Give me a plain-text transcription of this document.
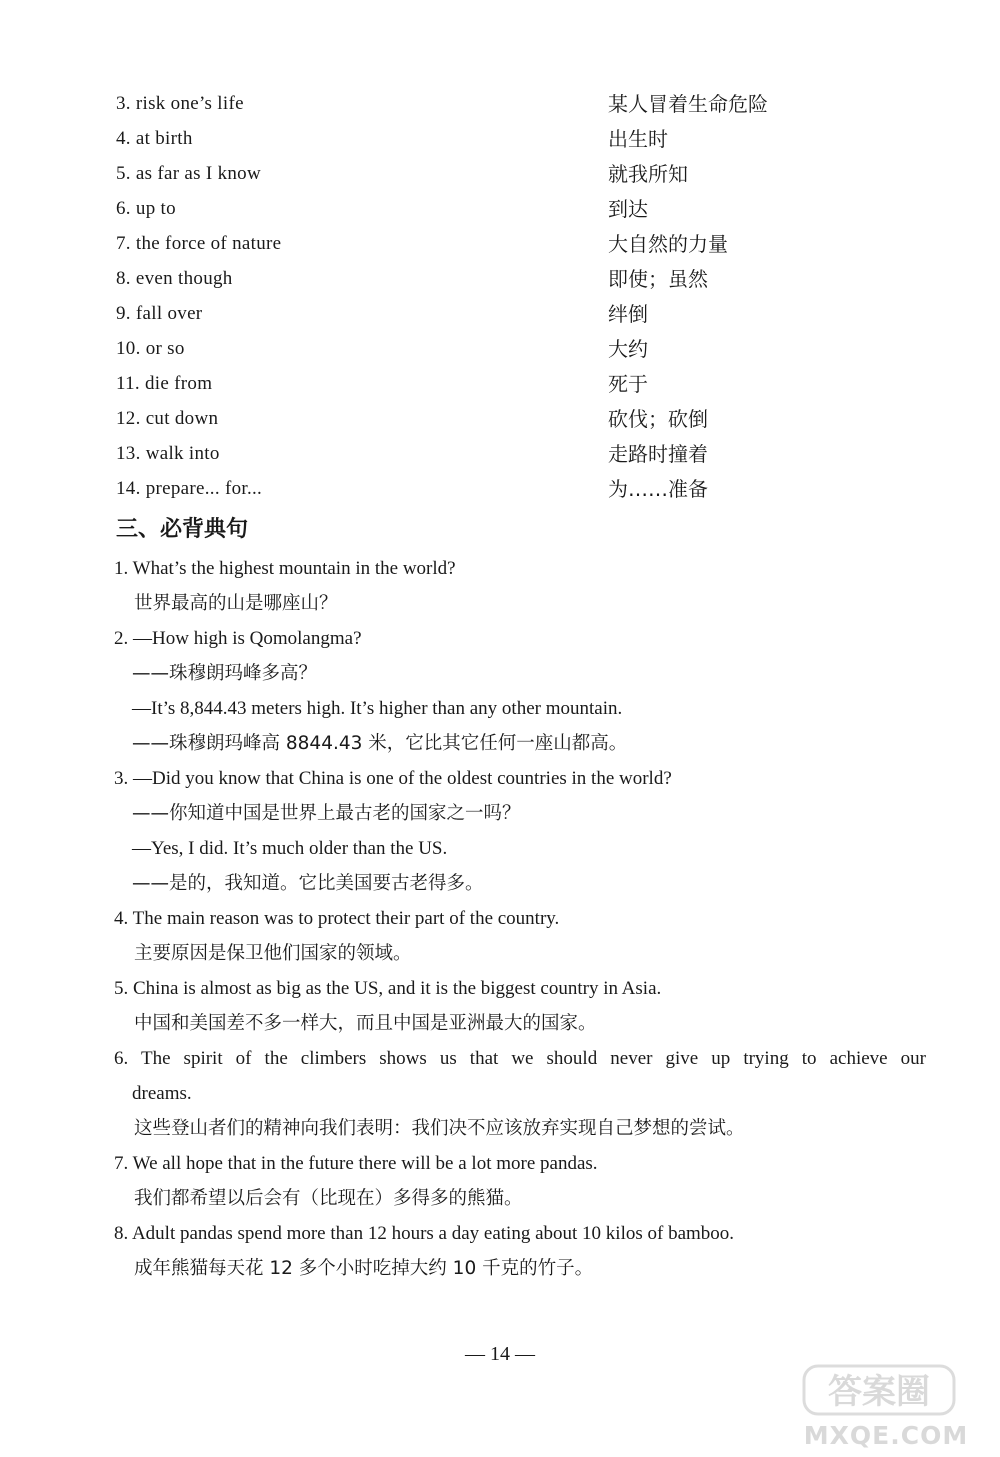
3. risk one’s life	某人冒着生命危险
4. at birth	出生时
5. as far as I know	就我所知
6. up to	到达
7. the force of nature	大自然的力量
8. even though	即使；虽然
9. fall over	绊倒
10. or so	大约
11. die from	死于
12. cut down	砍伐；砍倒
13. walk into	走路时撞着
14. prepare... for...	为……准备
三、必背典句
1. What’s the highest mountain in the world?
世界最高的山是哪座山？
2. —How high is Qomolangma?
——珠穆朗玛峰多高？
—It’s 8,844.43 meters high. It’s higher than any other mountain.
——珠穆朗玛峰高 8844.43 米，它比其它任何一座山都高。
3. —Did you know that China is one of the oldest countries in the world?
——你知道中国是世界上最古老的国家之一吗？
—Yes, I did. It’s much older than the US.
——是的，我知道。它比美国要古老得多。
4. The main reason was to protect their part of the country.
主要原因是保卫他们国家的领域。
5. China is almost as big as the US, and it is the biggest country in Asia.
中国和美国差不多一样大，而且中国是亚洲最大的国家。
6. The spirit of the climbers shows us that we should never give up trying to achieve our
dreams.
这些登山者们的精神向我们表明：我们决不应该放弃实现自己梦想的尝试。
7. We all hope that in the future there will be a lot more pandas.
我们都希望以后会有（比现在）多得多的熊猫。
8. Adult pandas spend more than 12 hours a day eating about 10 kilos of bamboo.
成年熊猫每天花 12 多个小时吃掉大约 10 千克的竹子。
— 14 —
答案圈
MXQE.COM
